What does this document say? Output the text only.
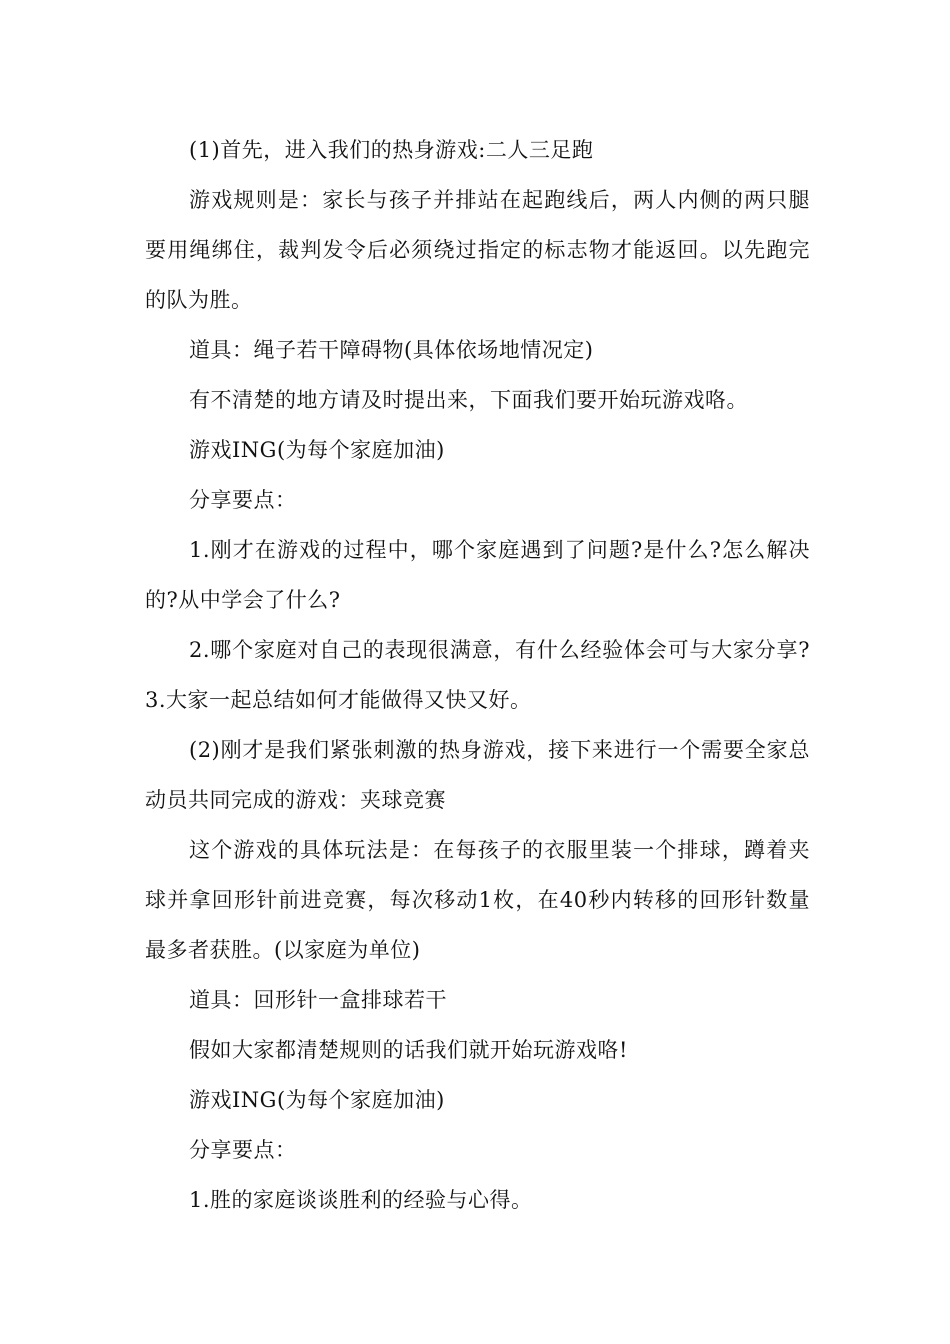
(1)首先，进入我们的热身游戏:二人三足跑

游戏规则是：家长与孩子并排站在起跑线后，两人内侧的两只腿要用绳绑住，裁判发令后必须绕过指定的标志物才能返回。以先跑完的队为胜。

道具：绳子若干障碍物(具体依场地情况定)

有不清楚的地方请及时提出来，下面我们要开始玩游戏咯。

游戏ING(为每个家庭加油)

分享要点：

1.刚才在游戏的过程中，哪个家庭遇到了问题?是什么?怎么解决的?从中学会了什么?

2.哪个家庭对自己的表现很满意，有什么经验体会可与大家分享?3.大家一起总结如何才能做得又快又好。

(2)刚才是我们紧张刺激的热身游戏，接下来进行一个需要全家总动员共同完成的游戏：夹球竞赛

这个游戏的具体玩法是：在每孩子的衣服里装一个排球，蹲着夹球并拿回形针前进竞赛，每次移动1枚，在40秒内转移的回形针数量最多者获胜。(以家庭为单位)

道具：回形针一盒排球若干

假如大家都清楚规则的话我们就开始玩游戏咯!

游戏ING(为每个家庭加油)

分享要点：

1.胜的家庭谈谈胜利的经验与心得。
